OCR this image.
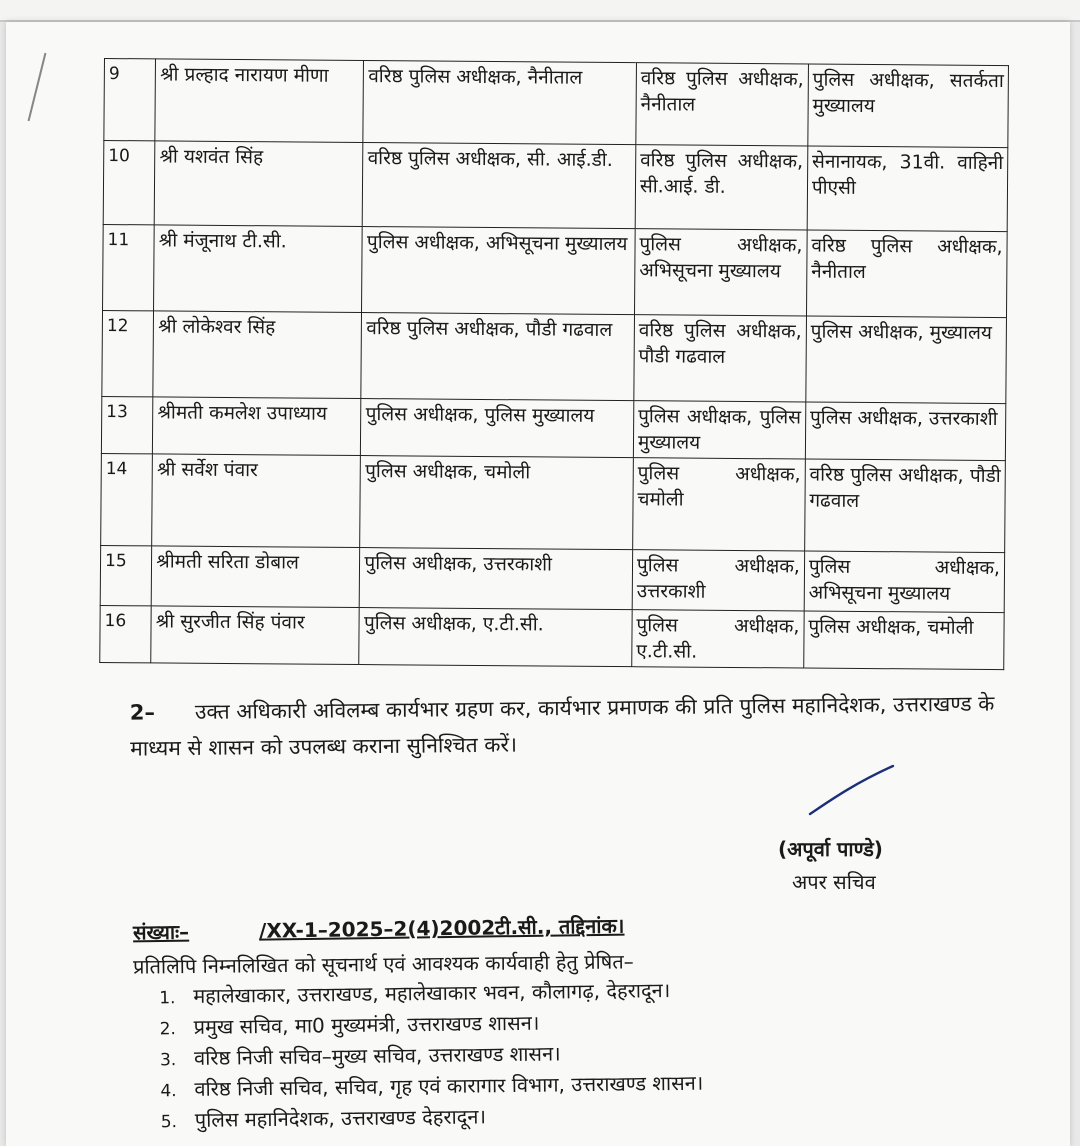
9	श्री प्रल्हाद नारायण मीणा	वरिष्ठ पुलिस अधीक्षक, नैनीताल	वरिष्ठ पुलिस अधीक्षक, नैनीताल	पुलिस अधीक्षक, सतर्कता मुख्यालय
10	श्री यशवंत सिंह	वरिष्ठ पुलिस अधीक्षक, सी. आई.डी.	वरिष्ठ पुलिस अधीक्षक, सी.आई. डी.	सेनानायक, 31वी. वाहिनी पीएसी
11	श्री मंजूनाथ टी.सी.	पुलिस अधीक्षक, अभिसूचना मुख्यालय	पुलिस अधीक्षक, अभिसूचना मुख्यालय	वरिष्ठ पुलिस अधीक्षक, नैनीताल
12	श्री लोकेश्वर सिंह	वरिष्ठ पुलिस अधीक्षक, पौडी गढवाल	वरिष्ठ पुलिस अधीक्षक, पौडी गढवाल	पुलिस अधीक्षक, मुख्यालय
13	श्रीमती कमलेश उपाध्याय	पुलिस अधीक्षक, पुलिस मुख्यालय	पुलिस अधीक्षक, पुलिस मुख्यालय	पुलिस अधीक्षक, उत्तरकाशी
14	श्री सर्वेश पंवार	पुलिस अधीक्षक, चमोली	पुलिस अधीक्षक, चमोली	वरिष्ठ पुलिस अधीक्षक, पौडी गढवाल
15	श्रीमती सरिता डोबाल	पुलिस अधीक्षक, उत्तरकाशी	पुलिस अधीक्षक, उत्तरकाशी	पुलिस अधीक्षक, अभिसूचना मुख्यालय
16	श्री सुरजीत सिंह पंवार	पुलिस अधीक्षक, ए.टी.सी.	पुलिस अधीक्षक, ए.टी.सी.	पुलिस अधीक्षक, चमोली
2– उक्त अधिकारी अविलम्ब कार्यभार ग्रहण कर, कार्यभार प्रमाणक की प्रति पुलिस महानिदेशक, उत्तराखण्ड के माध्यम से शासन को उपलब्ध कराना सुनिश्चित करें।
(अपूर्वा पाण्डे)
अपर सचिव
संख्याः–	/XX-1–2025–2(4)2002टी.सी., तद्दिनांक।
प्रतिलिपि निम्नलिखित को सूचनार्थ एवं आवश्यक कार्यवाही हेतु प्रेषित–
1. महालेखाकार, उत्तराखण्ड, महालेखाकार भवन, कौलागढ़, देहरादून।
2. प्रमुख सचिव, मा0 मुख्यमंत्री, उत्तराखण्ड शासन।
3. वरिष्ठ निजी सचिव–मुख्य सचिव, उत्तराखण्ड शासन।
4. वरिष्ठ निजी सचिव, सचिव, गृह एवं कारागार विभाग, उत्तराखण्ड शासन।
5. पुलिस महानिदेशक, उत्तराखण्ड देहरादून।
